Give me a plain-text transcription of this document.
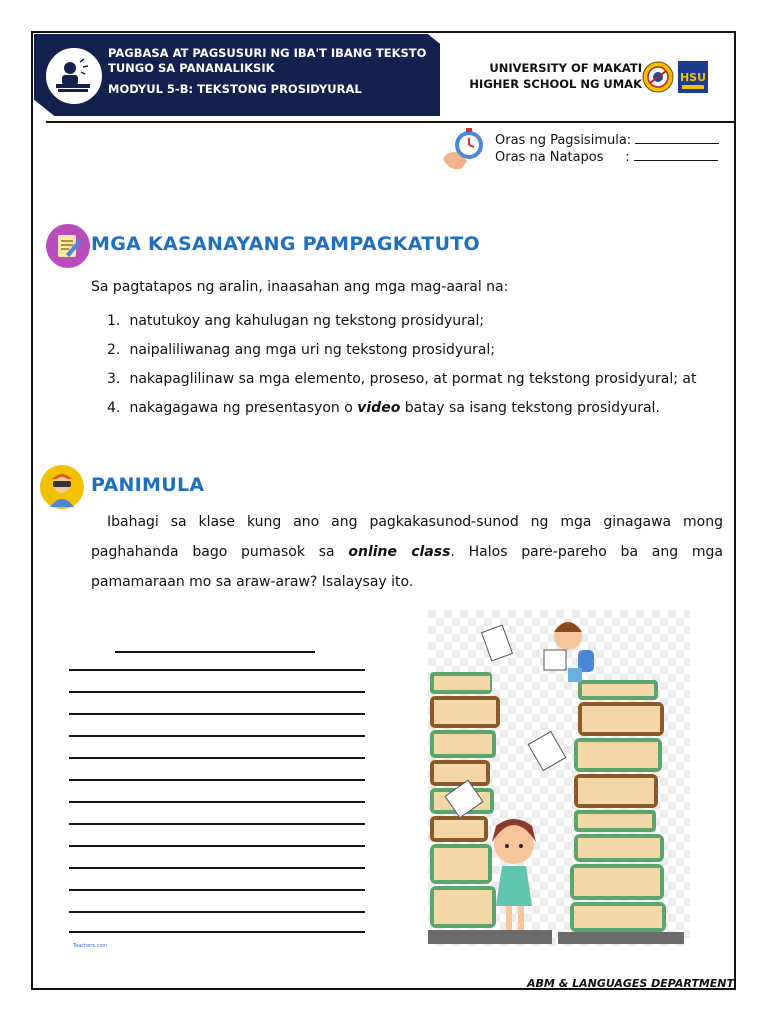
PAGBASA AT PAGSUSURI NG IBA'T IBANG TEKSTO
TUNGO SA PANANALIKSIK
MODYUL 5-B: TEKSTONG PROSIDYURAL
UNIVERSITY OF MAKATI
HIGHER SCHOOL NG UMAK	HSU
Oras ng Pagsisimula:
Oras na Natapos :
MGA KASANAYANG PAMPAGKATUTO
Sa pagtatapos ng aralin, inaasahan ang mga mag-aaral na:
1. natutukoy ang kahulugan ng tekstong prosidyural;
2. naipaliliwanag ang mga uri ng tekstong prosidyural;
3. nakapaglilinaw sa mga elemento, proseso, at pormat ng tekstong prosidyural; at
4. nakagagawa ng presentasyon o video batay sa isang tekstong prosidyural.
PANIMULA
Ibahagi sa klase kung ano ang pagkakasunod-sunod ng mga ginagawa mong paghahanda bago pumasok sa online class. Halos pare-pareho ba ang mga pamamaraan mo sa araw-araw? Isalaysay ito.
Teachers.com
ABM & LANGUAGES DEPARTMENT
